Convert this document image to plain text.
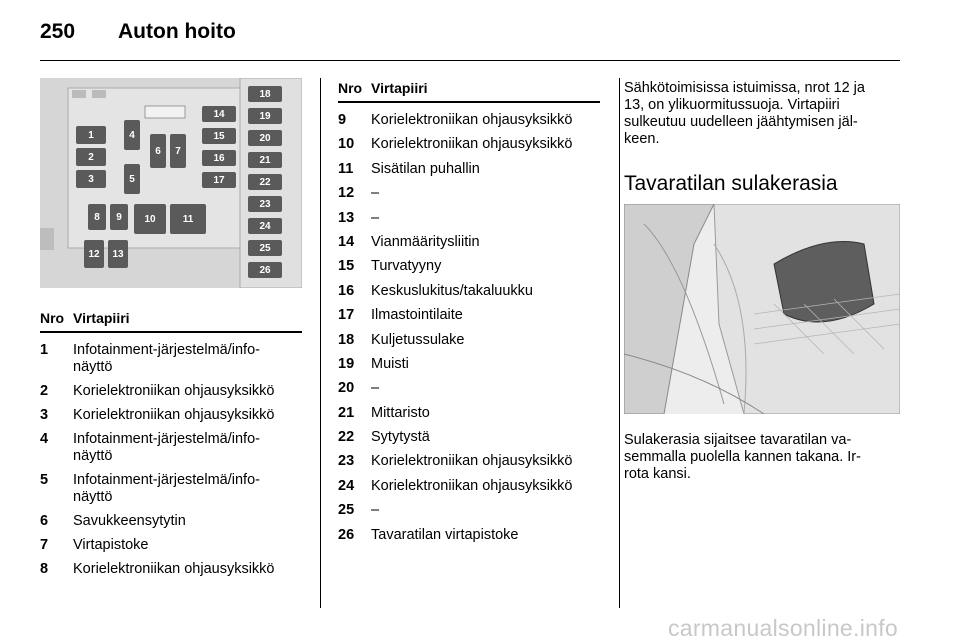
250 Auton hoito
1
2
3
4
5
6	7
8	9	10	11
12	13
14
15
16
17
18
19
20
21
22
23
24
25
26
Nro	Virtapiiri
1	Infotainment-järjestelmä/info-
näyttö
2	Korielektroniikan ohjausyksikkö
3	Korielektroniikan ohjausyksikkö
4	Infotainment-järjestelmä/info-
näyttö
5	Infotainment-järjestelmä/info-
näyttö
6	Savukkeensytytin
7	Virtapistoke
8	Korielektroniikan ohjausyksikkö
Nro	Virtapiiri
9	Korielektroniikan ohjausyksikkö
10	Korielektroniikan ohjausyksikkö
11	Sisätilan puhallin
12	–
13	–
14	Vianmääritysliitin
15	Turvatyyny
16	Keskuslukitus/takaluukku
17	Ilmastointilaite
18	Kuljetussulake
19	Muisti
20	–
21	Mittaristo
22	Sytytystä
23	Korielektroniikan ohjausyksikkö
24	Korielektroniikan ohjausyksikkö
25	–
26	Tavaratilan virtapistoke
Sähkötoimisissa istuimissa, nrot 12 ja
13, on ylikuormitussuoja. Virtapiiri
sulkeutuu uudelleen jäähtymisen jäl-
keen.
Tavaratilan sulakerasia
Sulakerasia sijaitsee tavaratilan va-
semmalla puolella kannen takana. Ir-
rota kansi.
carmanualsonline.info
